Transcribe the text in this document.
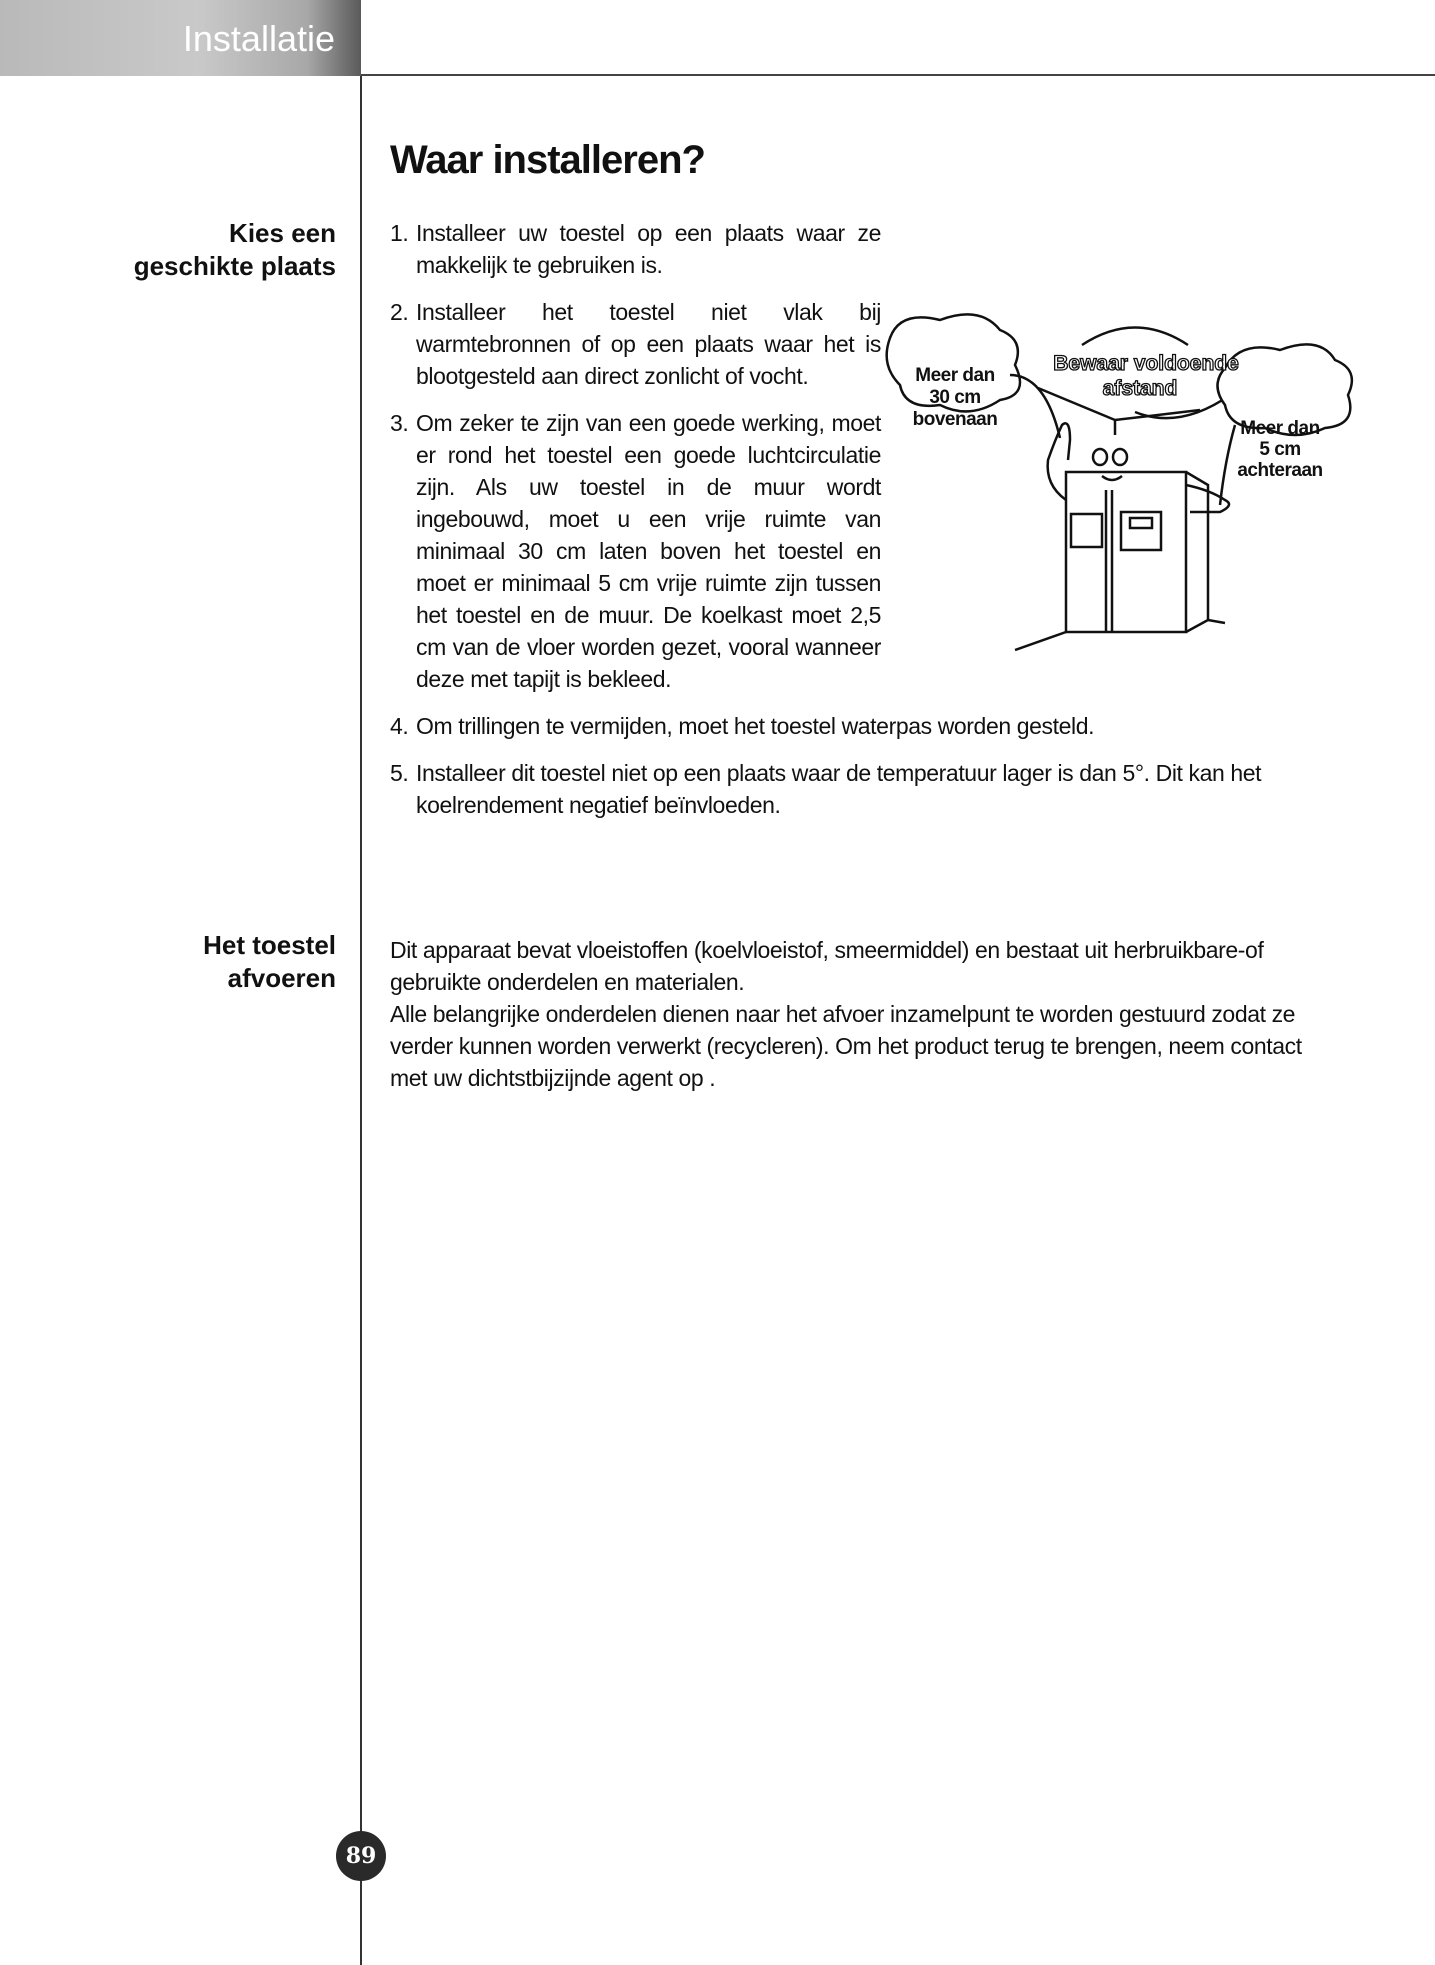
Installatie
Waar installeren?
Kies een
geschikte plaats
Het toestel
afvoeren
1. Installeer uw toestel op een plaats waar ze makkelijk te gebruiken is.
2. Installeer het toestel niet vlak bij warmtebronnen of op een plaats waar het is blootgesteld aan direct zonlicht of vocht.
3. Om zeker te zijn van een goede werking, moet er rond het toestel een goede luchtcirculatie zijn. Als uw toestel in de muur wordt ingebouwd, moet u een vrije ruimte van minimaal 30 cm laten boven het toestel en moet er minimaal 5 cm vrije ruimte zijn tussen het toestel en de muur. De koelkast moet 2,5 cm van de vloer worden gezet, vooral wanneer deze met tapijt is bekleed.
4. Om trillingen te vermijden, moet het toestel waterpas worden gesteld.
5. Installeer dit toestel niet op een plaats waar de temperatuur lager is dan 5°. Dit kan het koelrendement negatief beïnvloeden.
Dit apparaat bevat vloeistoffen (koelvloeistof, smeermiddel) en bestaat uit herbruikbare-of gebruikte onderdelen en materialen.
Alle belangrijke onderdelen dienen naar het afvoer inzamelpunt te worden gestuurd zodat ze verder kunnen worden verwerkt (recycleren). Om het product terug te brengen, neem contact met uw dichtstbijzijnde agent op .
Meer dan
30 cm
bovenaan	Meer dan
5 cm
achteraan
Bewaar voldoende
afstand
89
